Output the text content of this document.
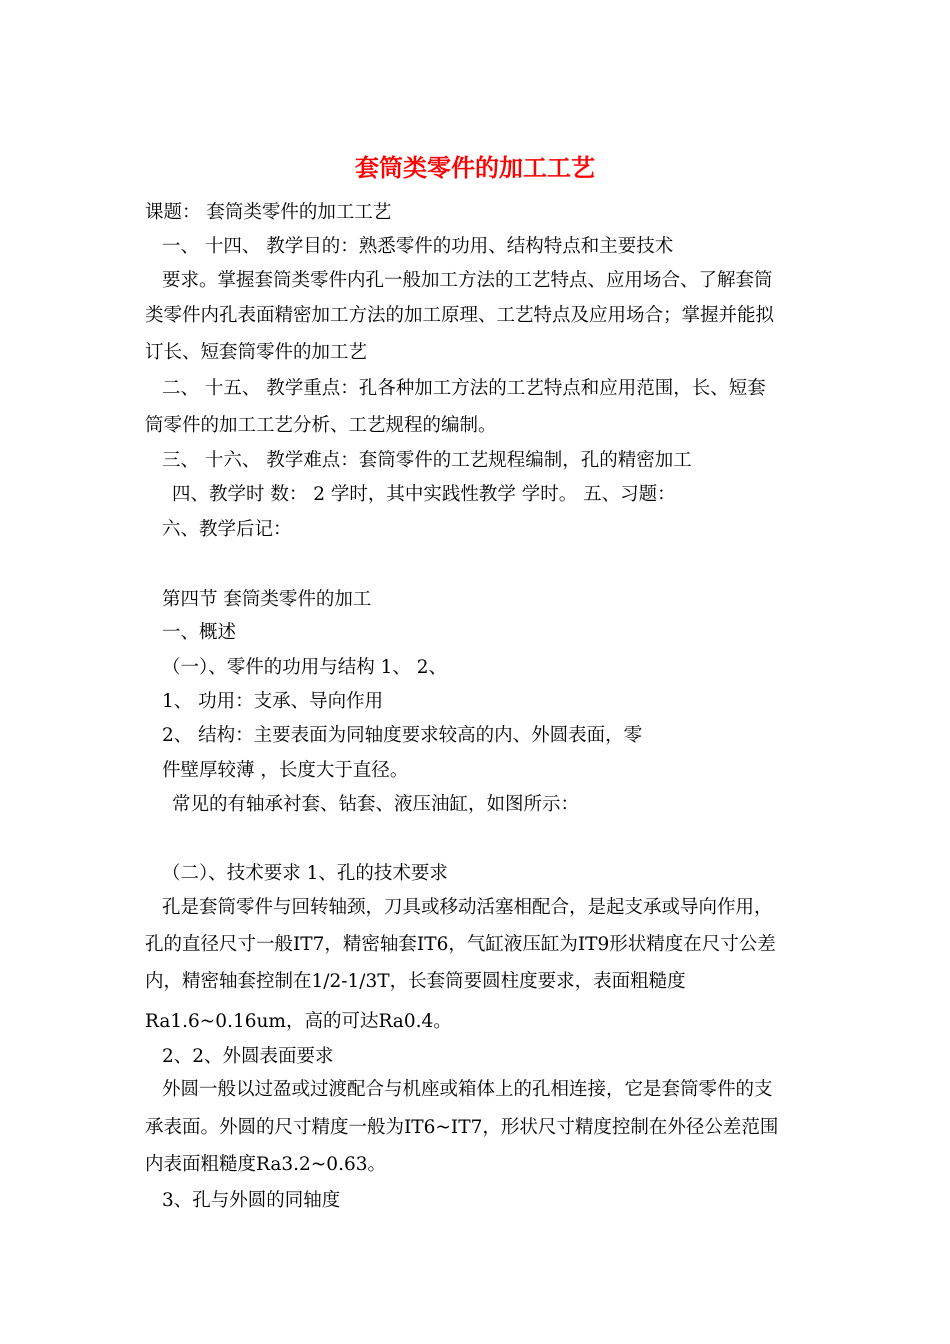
套筒类零件的加工工艺
课题： 套筒类零件的加工工艺
一、 十四、 教学目的：熟悉零件的功用、结构特点和主要技术
要求。掌握套筒类零件内孔一般加工方法的工艺特点、应用场合、了解套筒
类零件内孔表面精密加工方法的加工原理、工艺特点及应用场合；掌握并能拟
订长、短套筒零件的加工艺
二、 十五、 教学重点：孔各种加工方法的工艺特点和应用范围，长、短套
筒零件的加工工艺分析、工艺规程的编制。
三、 十六、 教学难点：套筒零件的工艺规程编制，孔的精密加工
四、教学时 数： 2 学时，其中实践性教学 学时。 五、习题：
六、教学后记：
第四节 套筒类零件的加工
一、概述
（一）、零件的功用与结构 1、 2、
1、 功用：支承、导向作用
2、 结构：主要表面为同轴度要求较高的内、外圆表面，零
件壁厚较薄 ，长度大于直径。
常见的有轴承衬套、钻套、液压油缸，如图所示：
（二）、技术要求 1、孔的技术要求
孔是套筒零件与回转轴颈，刀具或移动活塞相配合，是起支承或导向作用，
孔的直径尺寸一般IT7，精密轴套IT6，气缸液压缸为IT9形状精度在尺寸公差
内，精密轴套控制在1/2-1/3T，长套筒要圆柱度要求，表面粗糙度
Ra1.6~0.16um，高的可达Ra0.4。
2、2、外圆表面要求
外圆一般以过盈或过渡配合与机座或箱体上的孔相连接，它是套筒零件的支
承表面。外圆的尺寸精度一般为IT6~IT7，形状尺寸精度控制在外径公差范围
内表面粗糙度Ra3.2~0.63。
3、孔与外圆的同轴度
